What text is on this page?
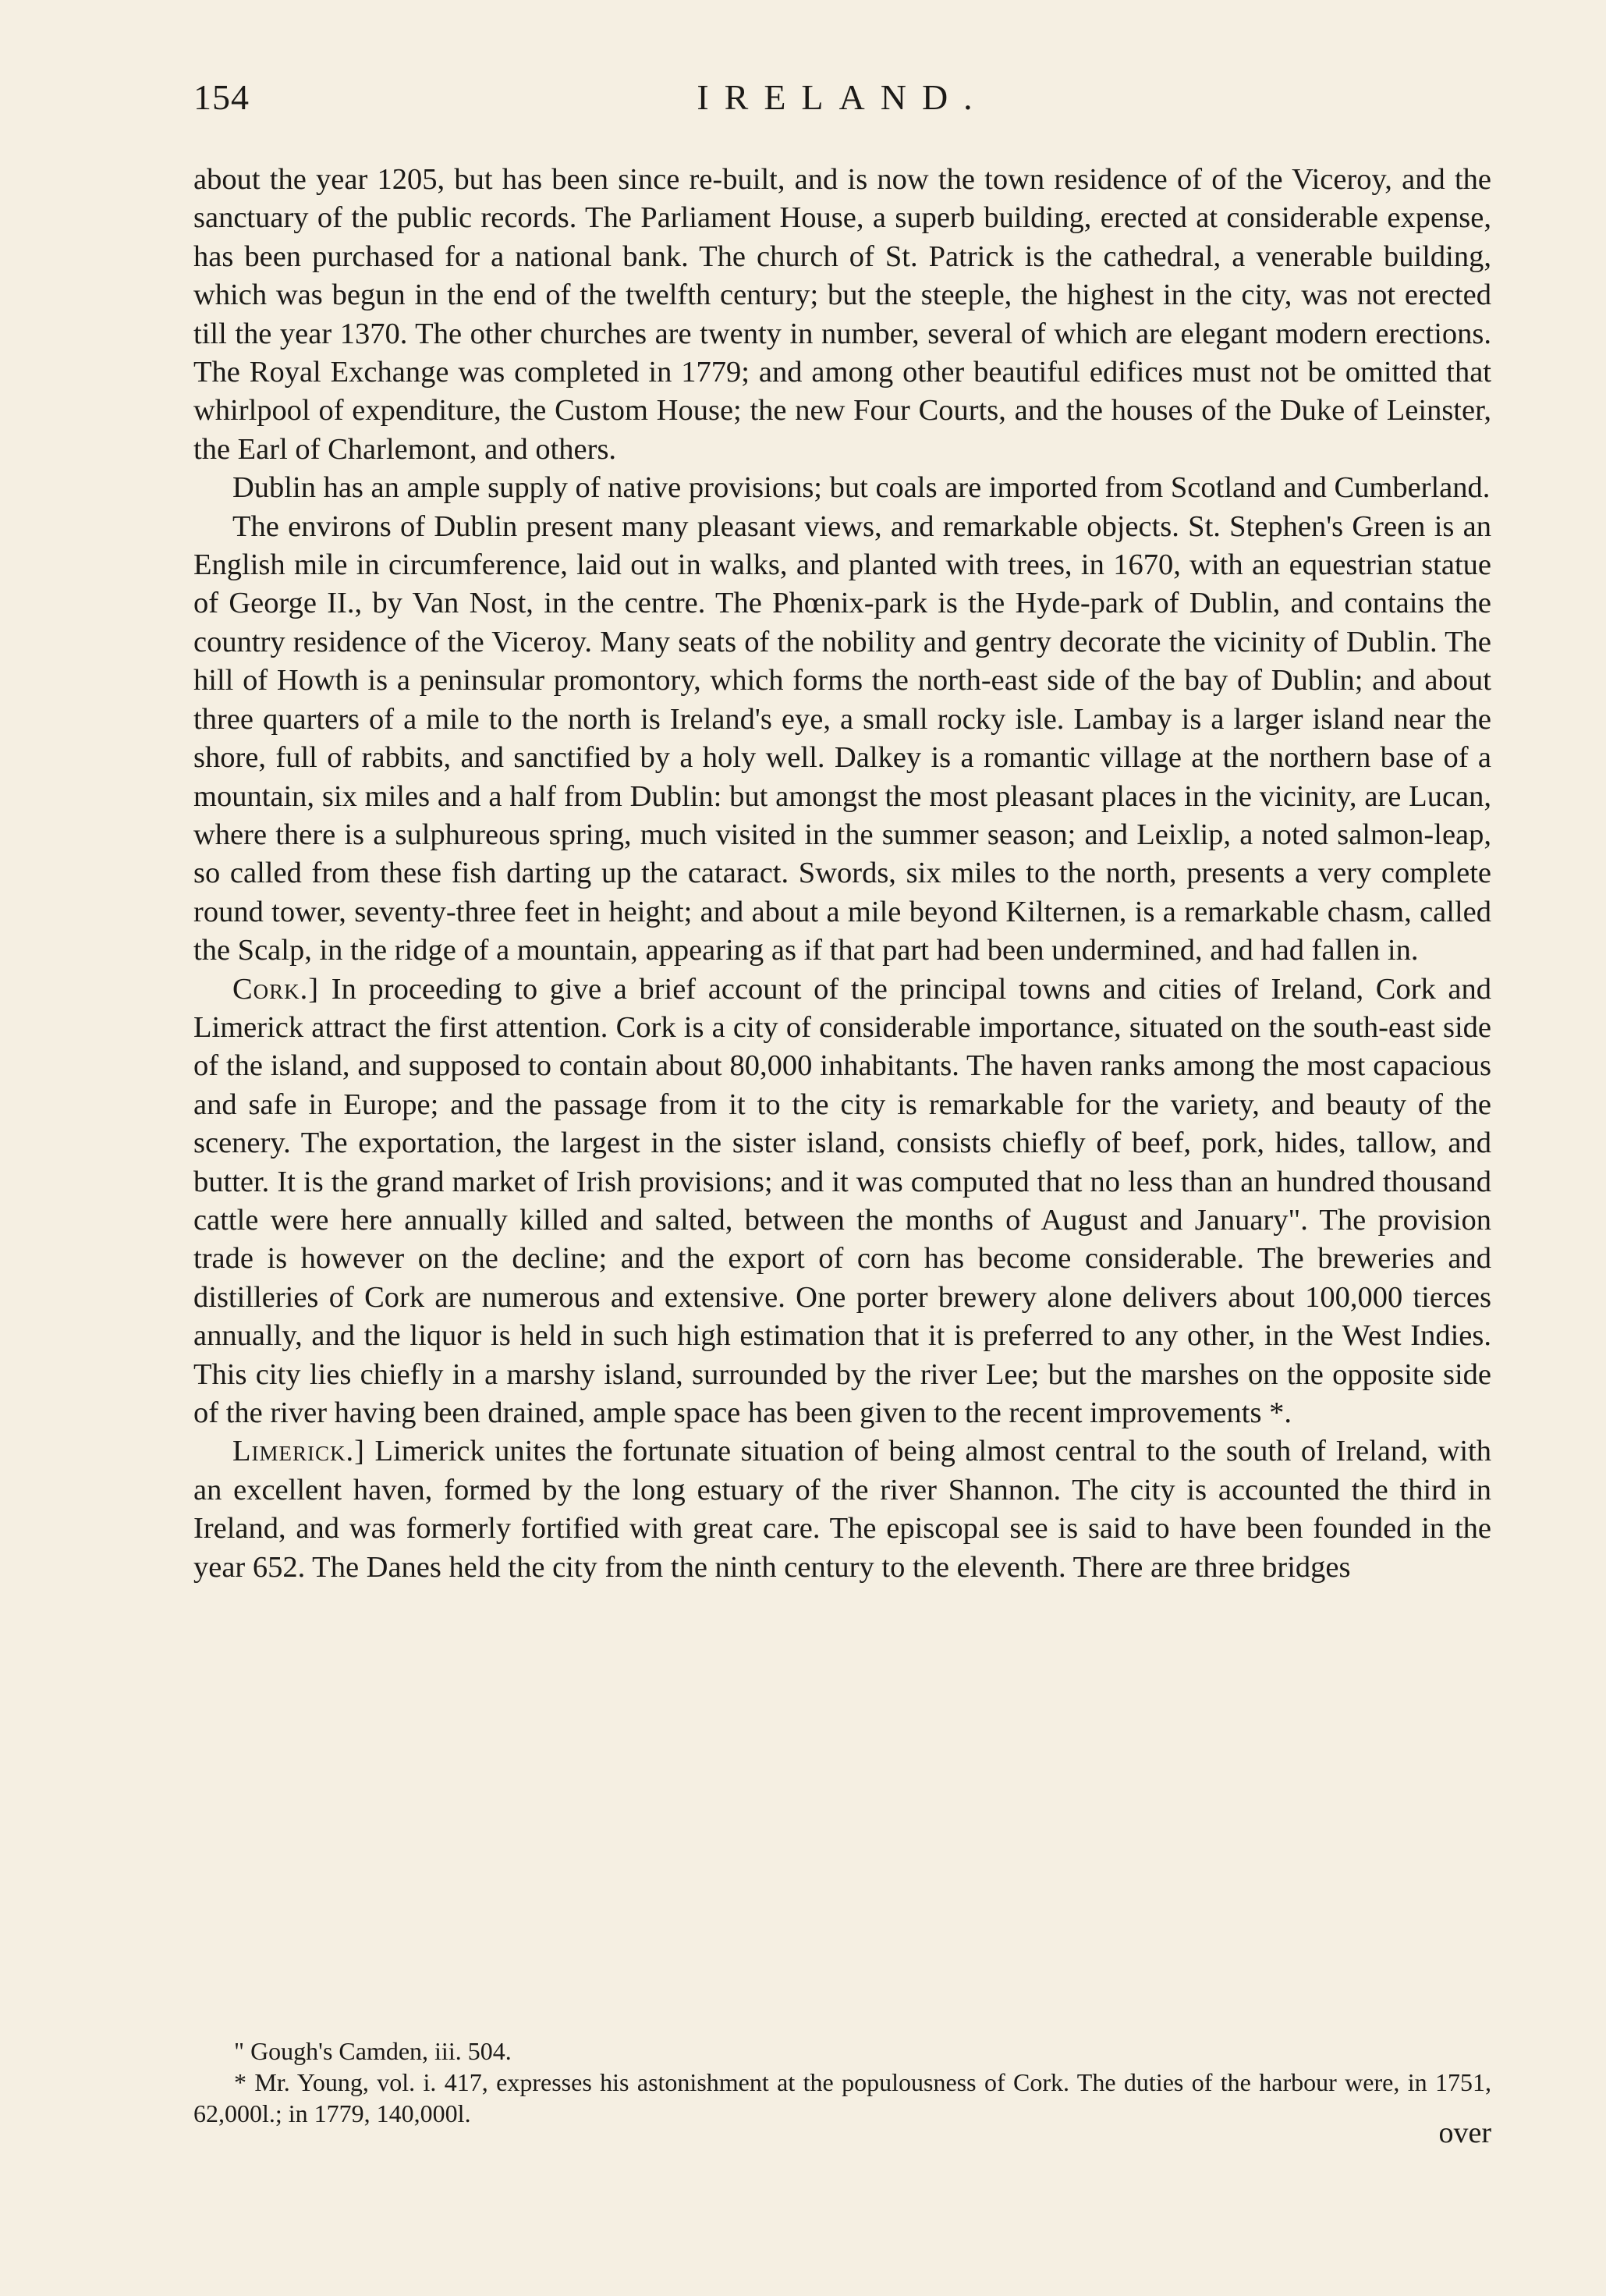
154	IRELAND.

about the year 1205, but has been since re-built, and is now the town residence of of the Viceroy, and the sanctuary of the public records. The Parliament House, a superb building, erected at considerable expense, has been purchased for a national bank. The church of St. Patrick is the cathedral, a venerable building, which was begun in the end of the twelfth century; but the steeple, the highest in the city, was not erected till the year 1370. The other churches are twenty in number, several of which are elegant modern erections. The Royal Exchange was completed in 1779; and among other beautiful edifices must not be omitted that whirlpool of expenditure, the Custom House; the new Four Courts, and the houses of the Duke of Leinster, the Earl of Charlemont, and others.

Dublin has an ample supply of native provisions; but coals are imported from Scotland and Cumberland.

The environs of Dublin present many pleasant views, and remarkable objects. St. Stephen's Green is an English mile in circumference, laid out in walks, and planted with trees, in 1670, with an equestrian statue of George II., by Van Nost, in the centre. The Phœnix-park is the Hyde-park of Dublin, and contains the country residence of the Viceroy. Many seats of the nobility and gentry decorate the vicinity of Dublin. The hill of Howth is a peninsular promontory, which forms the north-east side of the bay of Dublin; and about three quarters of a mile to the north is Ireland's eye, a small rocky isle. Lambay is a larger island near the shore, full of rabbits, and sanctified by a holy well. Dalkey is a romantic village at the northern base of a mountain, six miles and a half from Dublin: but amongst the most pleasant places in the vicinity, are Lucan, where there is a sulphureous spring, much visited in the summer season; and Leixlip, a noted salmon-leap, so called from these fish darting up the cataract. Swords, six miles to the north, presents a very complete round tower, seventy-three feet in height; and about a mile beyond Kilternen, is a remarkable chasm, called the Scalp, in the ridge of a mountain, appearing as if that part had been undermined, and had fallen in.

Cork.] In proceeding to give a brief account of the principal towns and cities of Ireland, Cork and Limerick attract the first attention. Cork is a city of considerable importance, situated on the south-east side of the island, and supposed to contain about 80,000 inhabitants. The haven ranks among the most capacious and safe in Europe; and the passage from it to the city is remarkable for the variety, and beauty of the scenery. The exportation, the largest in the sister island, consists chiefly of beef, pork, hides, tallow, and butter. It is the grand market of Irish provisions; and it was computed that no less than an hundred thousand cattle were here annually killed and salted, between the months of August and January". The provision trade is however on the decline; and the export of corn has become considerable. The breweries and distilleries of Cork are numerous and extensive. One porter brewery alone delivers about 100,000 tierces annually, and the liquor is held in such high estimation that it is preferred to any other, in the West Indies. This city lies chiefly in a marshy island, surrounded by the river Lee; but the marshes on the opposite side of the river having been drained, ample space has been given to the recent improvements *.

Limerick.] Limerick unites the fortunate situation of being almost central to the south of Ireland, with an excellent haven, formed by the long estuary of the river Shannon. The city is accounted the third in Ireland, and was formerly fortified with great care. The episcopal see is said to have been founded in the year 652. The Danes held the city from the ninth century to the eleventh. There are three bridges

" Gough's Camden, iii. 504.

* Mr. Young, vol. i. 417, expresses his astonishment at the populousness of Cork. The duties of the harbour were, in 1751, 62,000l.; in 1779, 140,000l.

over
